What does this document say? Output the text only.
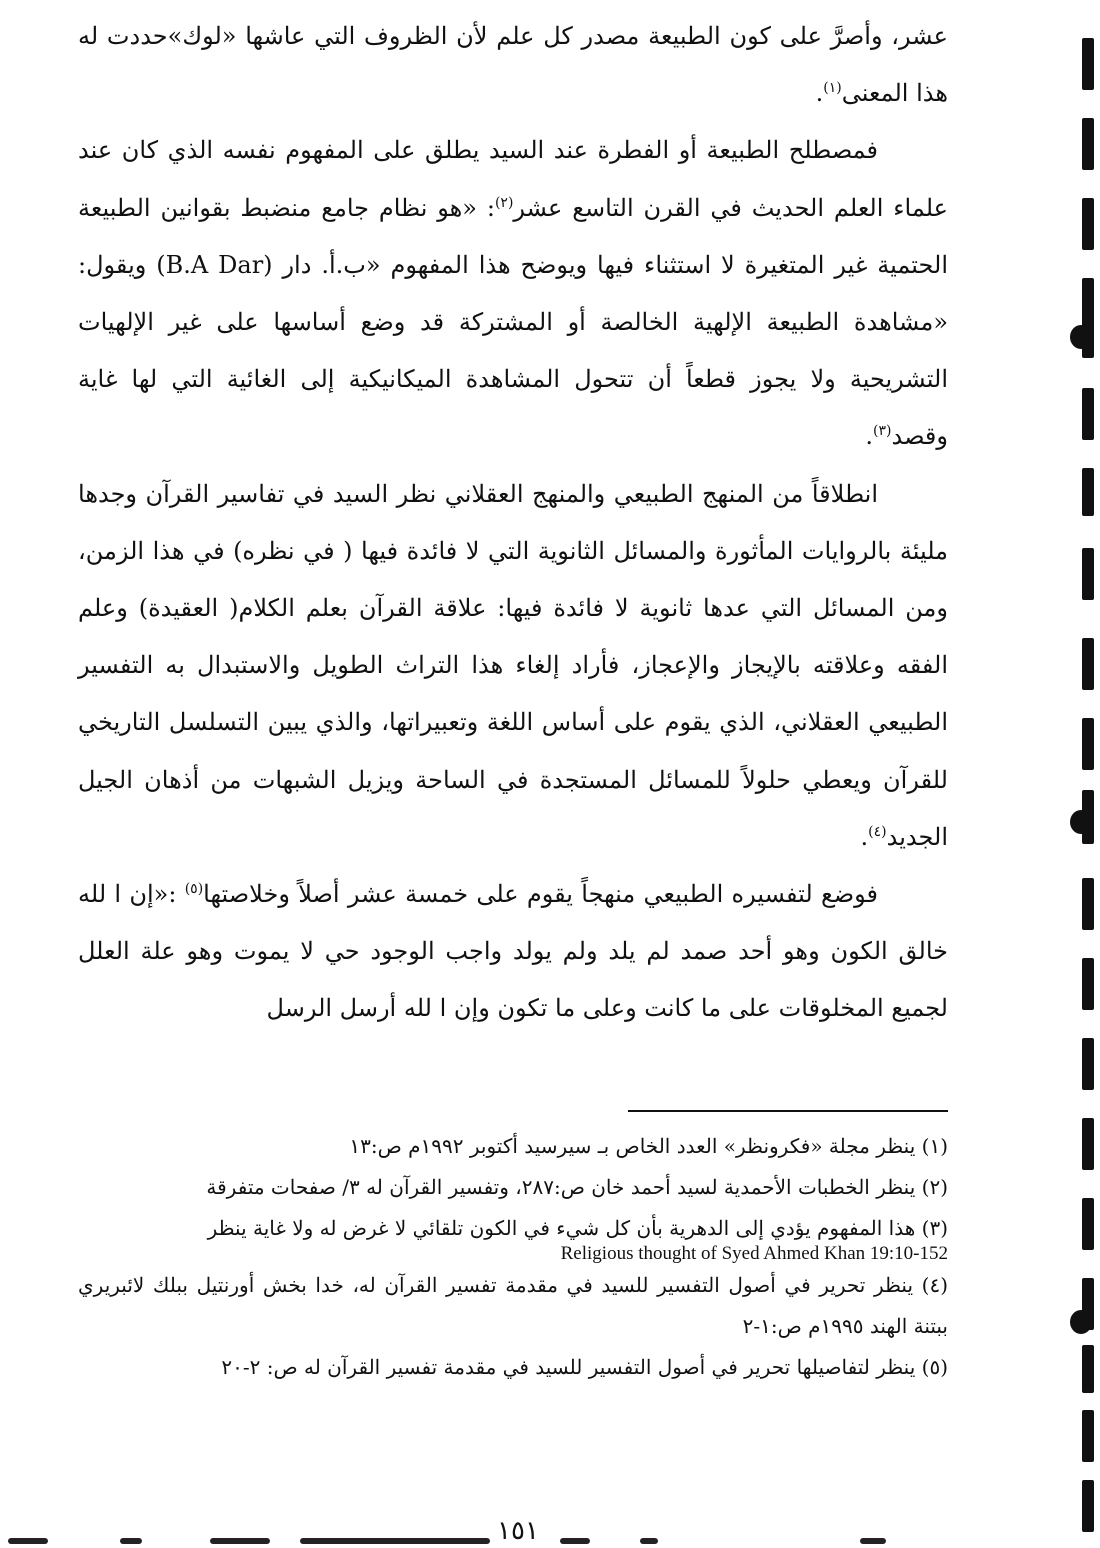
عشر، وأصرَّ على كون الطبيعة مصدر كل علم لأن الظروف التي عاشها «لوك»حددت له هذا المعنى$^{(١)}$.

فمصطلح الطبيعة أو الفطرة عند السيد يطلق على المفهوم نفسه الذي كان عند علماء العلم الحديث في القرن التاسع عشر$^{(٢)}$: «هو نظام جامع منضبط بقوانين الطبيعة الحتمية غير المتغيرة لا استثناء فيها ويوضح هذا المفهوم «ب.أ. دار (B.A Dar) ويقول: «مشاهدة الطبيعة الإلهية الخالصة أو المشتركة قد وضع أساسها على غير الإلهيات التشريحية ولا يجوز قطعاً أن تتحول المشاهدة الميكانيكية إلى الغائية التي لها غاية وقصد$^{(٣)}$.

انطلاقاً من المنهج الطبيعي والمنهج العقلاني نظر السيد في تفاسير القرآن وجدها مليئة بالروايات المأثورة والمسائل الثانوية التي لا فائدة فيها ( في نظره) في هذا الزمن، ومن المسائل التي عدها ثانوية لا فائدة فيها: علاقة القرآن بعلم الكلام( العقيدة) وعلم الفقه وعلاقته بالإيجاز والإعجاز، فأراد إلغاء هذا التراث الطويل والاستبدال به التفسير الطبيعي العقلاني، الذي يقوم على أساس اللغة وتعبيراتها، والذي يبين التسلسل التاريخي للقرآن ويعطي حلولاً للمسائل المستجدة في الساحة ويزيل الشبهات من أذهان الجيل الجديد$^{(٤)}$.

فوضع لتفسيره الطبيعي منهجاً يقوم على خمسة عشر أصلاً وخلاصتها$^{(٥)}$ :«إن ا لله خالق الكون وهو أحد صمد لم يلد ولم يولد واجب الوجود حي لا يموت وهو علة العلل لجميع المخلوقات على ما كانت وعلى ما تكون وإن ا لله أرسل الرسل

(١) ينظر مجلة «فكرونظر» العدد الخاص بـ سيرسيد أكتوبر ١٩٩٢م ص:١٣

(٢) ينظر الخطبات الأحمدية لسيد أحمد خان ص:٢٨٧، وتفسير القرآن له ٣/ صفحات متفرقة

(٣) هذا المفهوم يؤدي إلى الدهرية بأن كل شيء في الكون تلقائي لا غرض له ولا غاية ينظر

Religious thought of Syed Ahmed Khan 19:10-152

(٤) ينظر تحرير في أصول التفسير للسيد في مقدمة تفسير القرآن له، خدا بخش أورنتيل ببلك لائبريري ببتنة الهند ١٩٩٥م ص:١-٢

(٥) ينظر لتفاصيلها تحرير في أصول التفسير للسيد في مقدمة تفسير القرآن له ص: ٢-٢٠

١٥١
